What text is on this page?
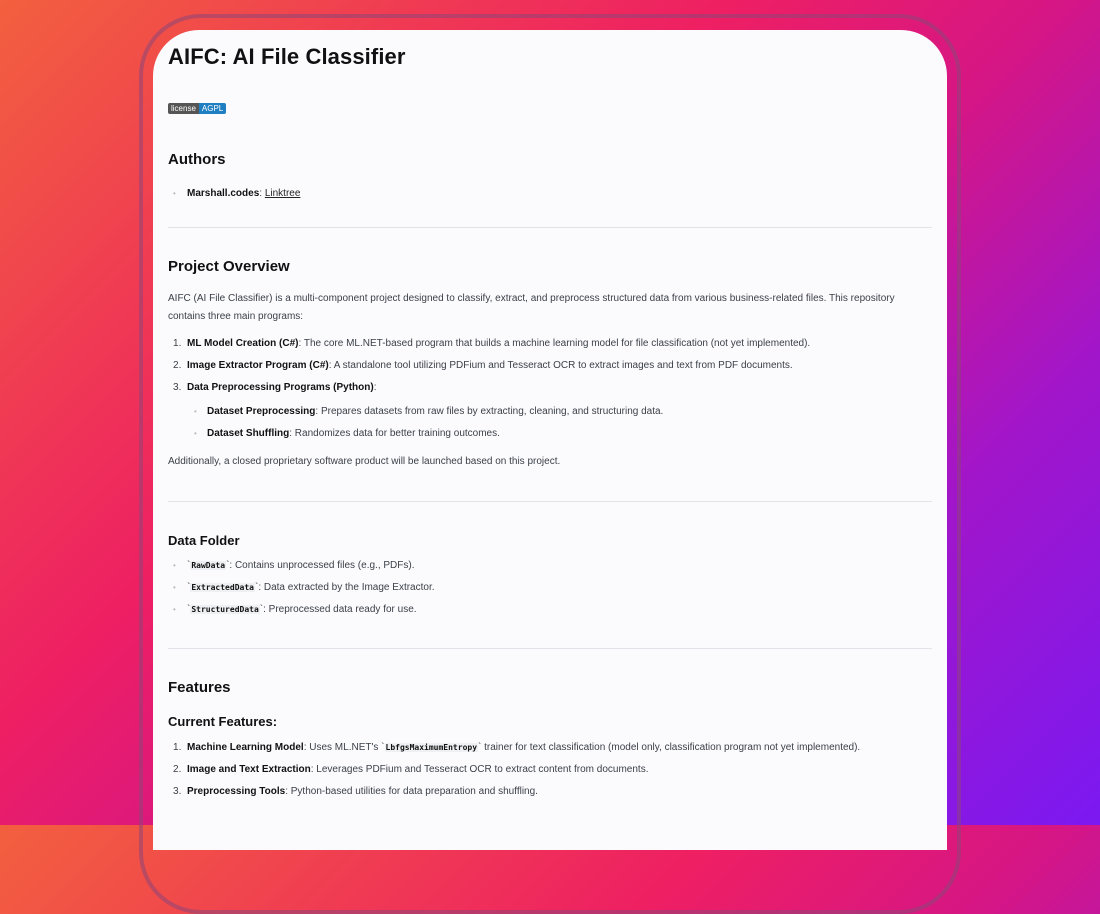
AIFC: AI File Classifier
license AGPL
Authors
• Marshall.codes: Linktree
Project Overview

AIFC (AI File Classifier) is a multi-component project designed to classify, extract, and preprocess structured data from various business-related files. This repository contains three main programs:

ML Model Creation (C#): The core ML.NET-based program that builds a machine learning model for file classification (not yet implemented).
Image Extractor Program (C#): A standalone tool utilizing PDFium and Tesseract OCR to extract images and text from PDF documents.
Data Preprocessing Programs (Python):
• Dataset Preprocessing: Prepares datasets from raw files by extracting, cleaning, and structuring data.
• Dataset Shuffling: Randomizes data for better training outcomes.

Additionally, a closed proprietary software product will be launched based on this project.

Data Folder
• `RawData`: Contains unprocessed files (e.g., PDFs).
• `ExtractedData`: Data extracted by the Image Extractor.
• `StructuredData`: Preprocessed data ready for use.
Features
Current Features:
Machine Learning Model: Uses ML.NET's `LbfgsMaximumEntropy` trainer for text classification (model only, classification program not yet implemented).
Image and Text Extraction: Leverages PDFium and Tesseract OCR to extract content from documents.
Preprocessing Tools: Python-based utilities for data preparation and shuffling.
